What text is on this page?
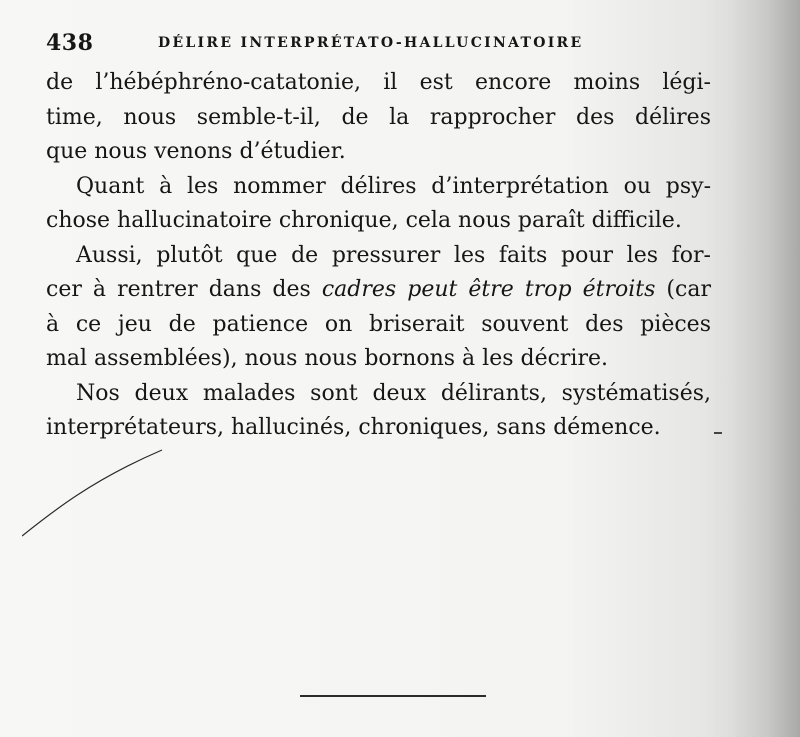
438	DÉLIRE INTERPRÉTATO-HALLUCINATOIRE
de l’hébéphréno-catatonie, il est encore moins légi-
time, nous semble-t-il, de la rapprocher des délires
que nous venons d’étudier.
Quant à les nommer délires d’interprétation ou psy-
chose hallucinatoire chronique, cela nous paraît difficile.
Aussi, plutôt que de pressurer les faits pour les for-
cer à rentrer dans des cadres peut être trop étroits (car
à ce jeu de patience on briserait souvent des pièces
mal assemblées), nous nous bornons à les décrire.
Nos deux malades sont deux délirants, systématisés,
interprétateurs, hallucinés, chroniques, sans démence.
